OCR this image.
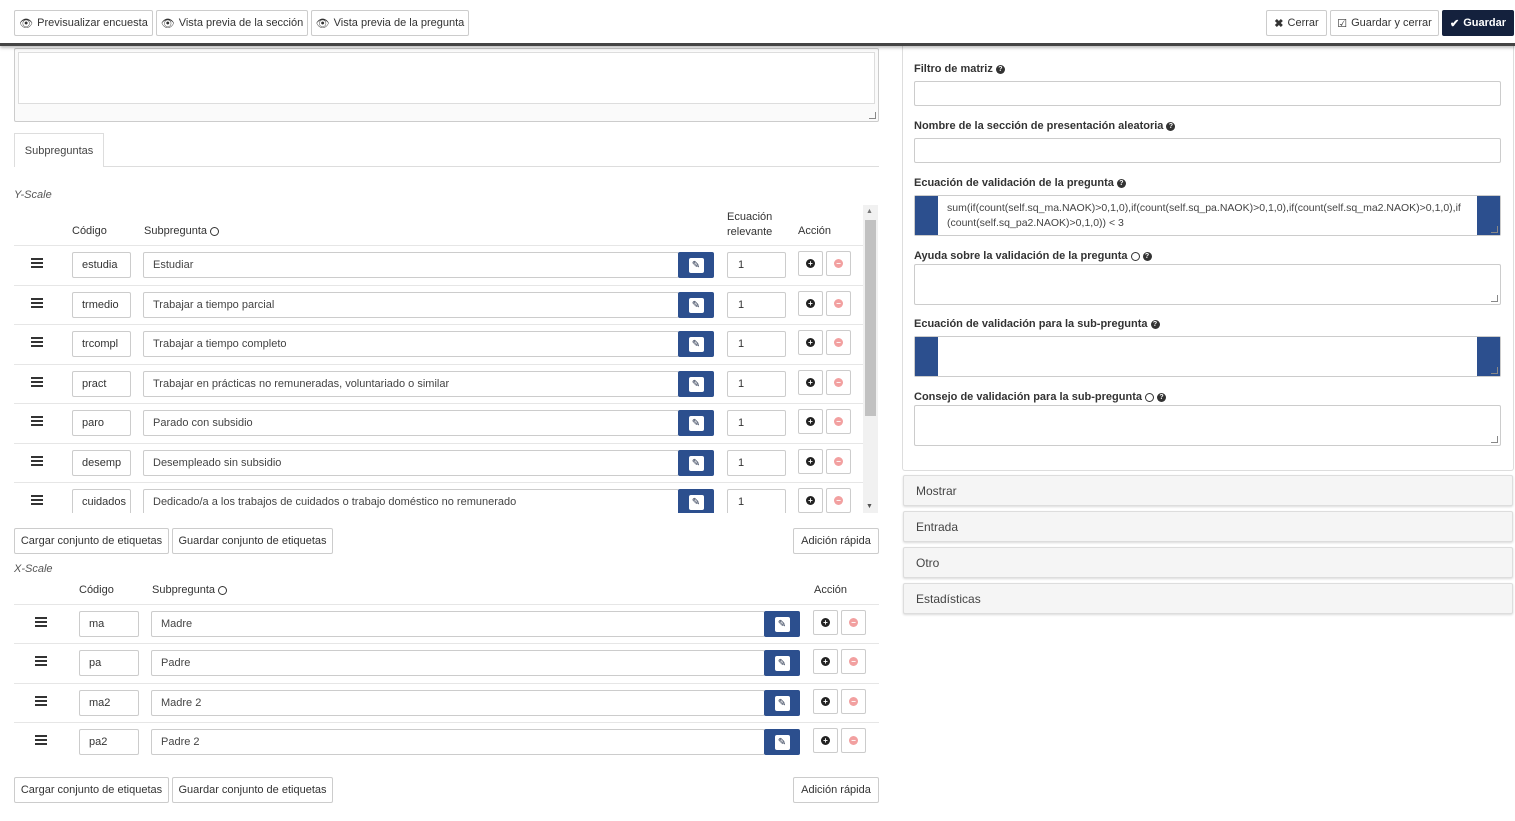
👁 Previsualizar encuesta 👁 Vista previa de la sección 👁 Vista previa de la pregunta	✖ Cerrar ☑ Guardar y cerrar ✔ Guardar
Subpreguntas
Y-Scale
Código	Subpregunta
Ecuación relevante	Acción
▲
▼
estudia	Estudiar	✎	1	+	−
trmedio	Trabajar a tiempo parcial	✎	1	+	−
trcompl	Trabajar a tiempo completo	✎	1	+	−
pract	Trabajar en prácticas no remuneradas, voluntariado o similar	✎	1	+	−
paro	Parado con subsidio	✎	1	+	−
desemp	Desempleado sin subsidio	✎	1	+	−
cuidados	Dedicado/a a los trabajos de cuidados o trabajo doméstico no remunerado	✎	1	+	−
Cargar conjunto de etiquetas Guardar conjunto de etiquetas	Adición rápida
X-Scale
Código	Subpregunta	Acción
ma	Madre	✎	+	−
pa	Padre	✎	+	−
ma2	Madre 2	✎	+	−
pa2	Padre 2	✎	+	−
Cargar conjunto de etiquetas Guardar conjunto de etiquetas	Adición rápida
Filtro de matriz ?
Nombre de la sección de presentación aleatoria ?
Ecuación de validación de la pregunta ?
sum(if(count(self.sq_ma.NAOK)>0,1,0),if(count(self.sq_pa.NAOK)>0,1,0),if(count(self.sq_ma2.NAOK)>0,1,0),if(count(self.sq_pa2.NAOK)>0,1,0)) < 3
Ayuda sobre la validación de la pregunta	?
Ecuación de validación para la sub-pregunta ?
Consejo de validación para la sub-pregunta	?
Mostrar
Entrada
Otro
Estadísticas
